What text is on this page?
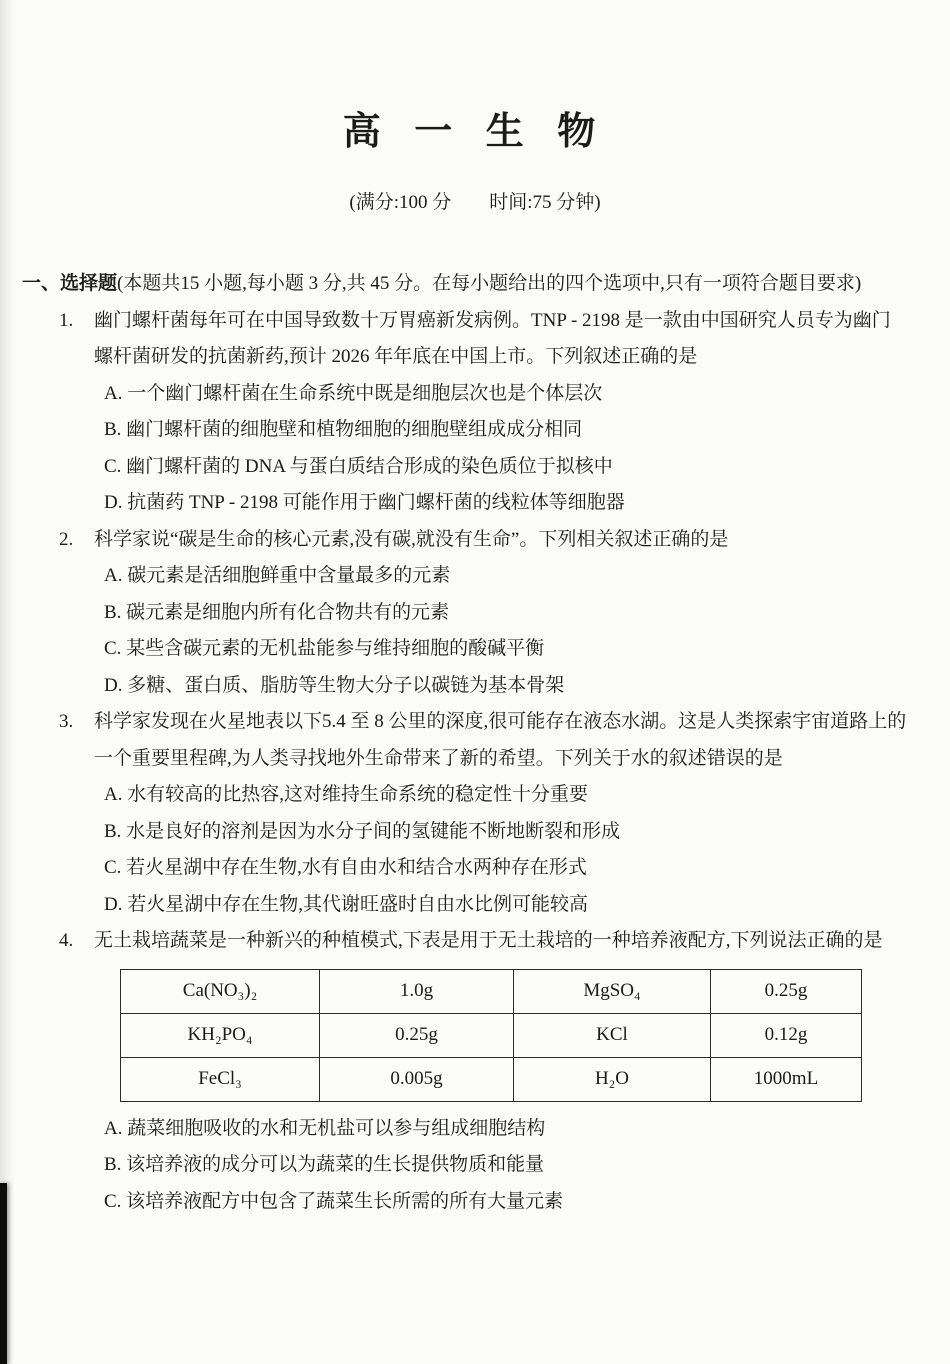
高 一 生 物
(满分:100 分　　时间:75 分钟)

一、选择题(本题共15 小题,每小题 3 分,共 45 分。在每小题给出的四个选项中,只有一项符合题目要求)

1. 幽门螺杆菌每年可在中国导致数十万胃癌新发病例。TNP - 2198 是一款由中国研究人员专为幽门螺杆菌研发的抗菌新药,预计 2026 年年底在中国上市。下列叙述正确的是

A. 一个幽门螺杆菌在生命系统中既是细胞层次也是个体层次

B. 幽门螺杆菌的细胞壁和植物细胞的细胞壁组成成分相同

C. 幽门螺杆菌的 DNA 与蛋白质结合形成的染色质位于拟核中

D. 抗菌药 TNP - 2198 可能作用于幽门螺杆菌的线粒体等细胞器

2. 科学家说“碳是生命的核心元素,没有碳,就没有生命”。下列相关叙述正确的是

A. 碳元素是活细胞鲜重中含量最多的元素

B. 碳元素是细胞内所有化合物共有的元素

C. 某些含碳元素的无机盐能参与维持细胞的酸碱平衡

D. 多糖、蛋白质、脂肪等生物大分子以碳链为基本骨架

3. 科学家发现在火星地表以下5.4 至 8 公里的深度,很可能存在液态水湖。这是人类探索宇宙道路上的一个重要里程碑,为人类寻找地外生命带来了新的希望。下列关于水的叙述错误的是

A. 水有较高的比热容,这对维持生命系统的稳定性十分重要

B. 水是良好的溶剂是因为水分子间的氢键能不断地断裂和形成

C. 若火星湖中存在生物,水有自由水和结合水两种存在形式

D. 若火星湖中存在生物,其代谢旺盛时自由水比例可能较高

4. 无土栽培蔬菜是一种新兴的种植模式,下表是用于无土栽培的一种培养液配方,下列说法正确的是

Ca(NO₃)₂	1.0g	MgSO₄	0.25g
KH₂PO₄	0.25g	KCl	0.12g
FeCl₃	0.005g	H₂O	1000mL

A. 蔬菜细胞吸收的水和无机盐可以参与组成细胞结构

B. 该培养液的成分可以为蔬菜的生长提供物质和能量

C. 该培养液配方中包含了蔬菜生长所需的所有大量元素
